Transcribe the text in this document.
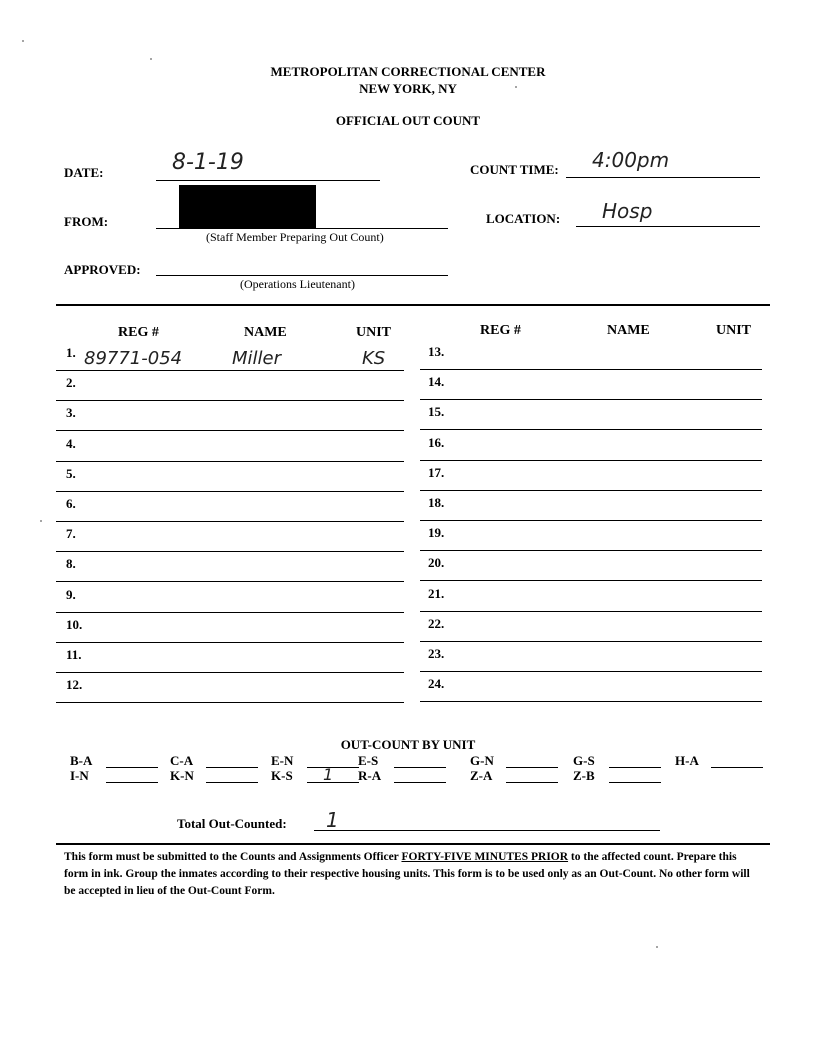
METROPOLITAN CORRECTIONAL CENTER
NEW YORK, NY
OFFICIAL OUT COUNT
DATE:	8-1-19	COUNT TIME: 4:00pm
FROM:
(Staff Member Preparing Out Count)
LOCATION: Hosp
APPROVED:
(Operations Lieutenant)
REG #	NAME	UNIT	REG #	NAME	UNIT
1. 89771-054	Miller	KS
2.
3.
4.
5.
6.
7.
8.
9.
10.
11.
12.
13.
14.
15.
16.
17.
18.
19.
20.
21.
22.
23.
24.
OUT-COUNT BY UNIT
B-A	C-A	E-N	E-S	G-N	G-S	H-A
I-N	K-N	K-S 1 R-A	Z-A	Z-B
Total Out-Counted: 1
This form must be submitted to the Counts and Assignments Officer FORTY-FIVE MINUTES PRIOR to the affected count. Prepare this form in ink. Group the inmates according to their respective housing units. This form is to be used only as an Out-Count. No other form will be accepted in lieu of the Out-Count Form.
